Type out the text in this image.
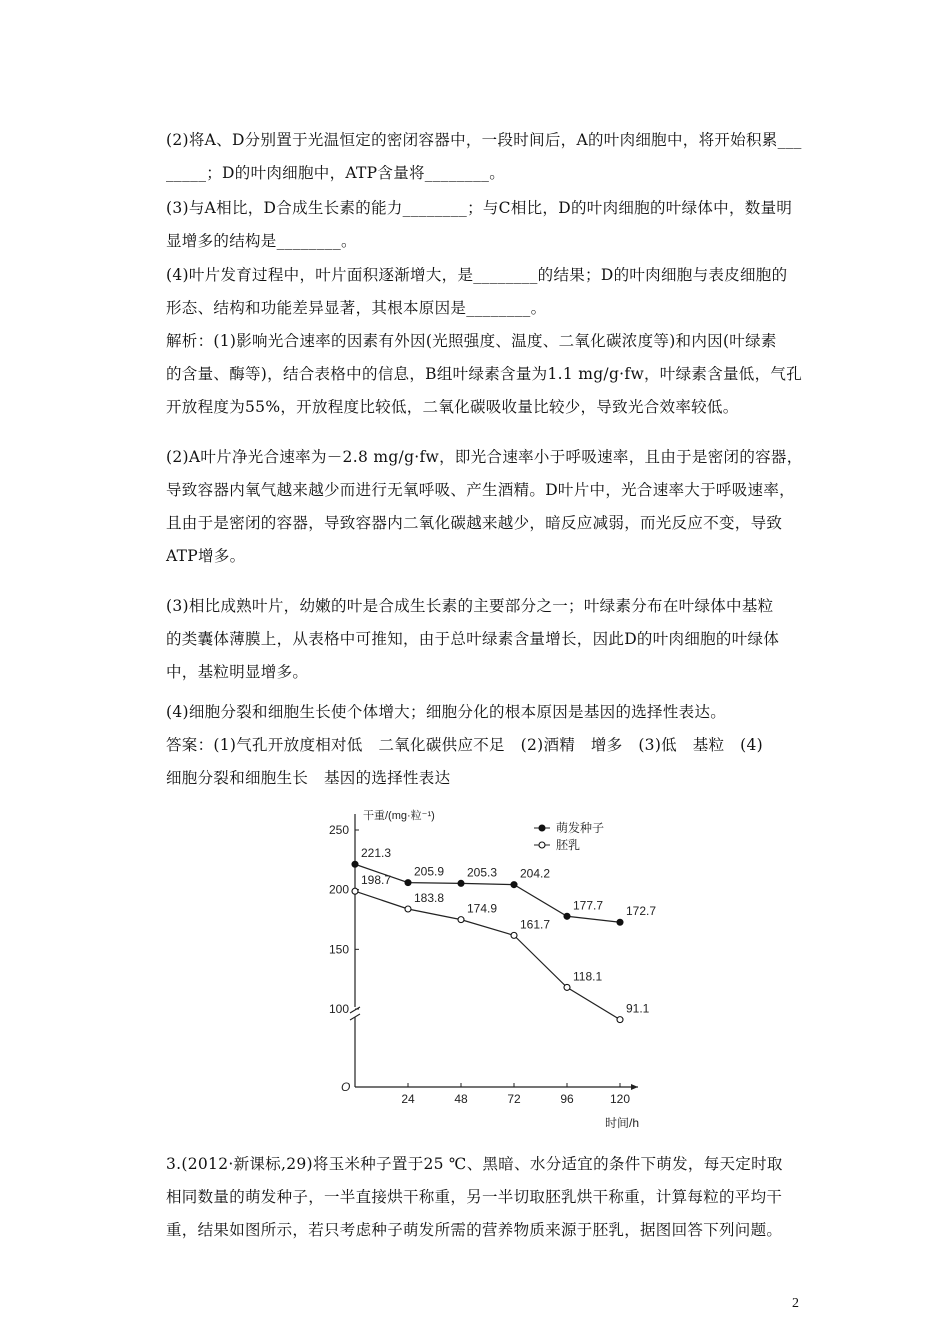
(2)将A、D分别置于光温恒定的密闭容器中，一段时间后，A的叶肉细胞中，将开始积累___
_____；D的叶肉细胞中，ATP含量将________。
(3)与A相比，D合成生长素的能力________；与C相比，D的叶肉细胞的叶绿体中，数量明
显增多的结构是________。
(4)叶片发育过程中，叶片面积逐渐增大，是________的结果；D的叶肉细胞与表皮细胞的
形态、结构和功能差异显著，其根本原因是________。
解析：(1)影响光合速率的因素有外因(光照强度、温度、二氧化碳浓度等)和内因(叶绿素
的含量、酶等)，结合表格中的信息，B组叶绿素含量为1.1 mg/g·fw，叶绿素含量低，气孔
开放程度为55%，开放程度比较低，二氧化碳吸收量比较少，导致光合效率较低。
(2)A叶片净光合速率为－2.8 mg/g·fw，即光合速率小于呼吸速率，且由于是密闭的容器，
导致容器内氧气越来越少而进行无氧呼吸、产生酒精。D叶片中，光合速率大于呼吸速率，
且由于是密闭的容器，导致容器内二氧化碳越来越少，暗反应减弱，而光反应不变，导致
ATP增多。
(3)相比成熟叶片，幼嫩的叶是合成生长素的主要部分之一；叶绿素分布在叶绿体中基粒
的类囊体薄膜上，从表格中可推知，由于总叶绿素含量增长，因此D的叶肉细胞的叶绿体
中，基粒明显增多。
(4)细胞分裂和细胞生长使个体增大；细胞分化的根本原因是基因的选择性表达。
答案：(1)气孔开放度相对低　二氧化碳供应不足　(2)酒精　增多　(3)低　基粒　(4)
细胞分裂和细胞生长　基因的选择性表达
100
150
200
250
24	48	72	96	120
O
干重/(mg·粒⁻¹)
时间/h
221.3
205.9 205.3 204.2
177.7 172.7
198.7
183.8
174.9
161.7
118.1
91.1
萌发种子
胚乳
3.(2012·新课标,29)将玉米种子置于25 ℃、黑暗、水分适宜的条件下萌发，每天定时取
相同数量的萌发种子，一半直接烘干称重，另一半切取胚乳烘干称重，计算每粒的平均干
重，结果如图所示，若只考虑种子萌发所需的营养物质来源于胚乳，据图回答下列问题。
2
